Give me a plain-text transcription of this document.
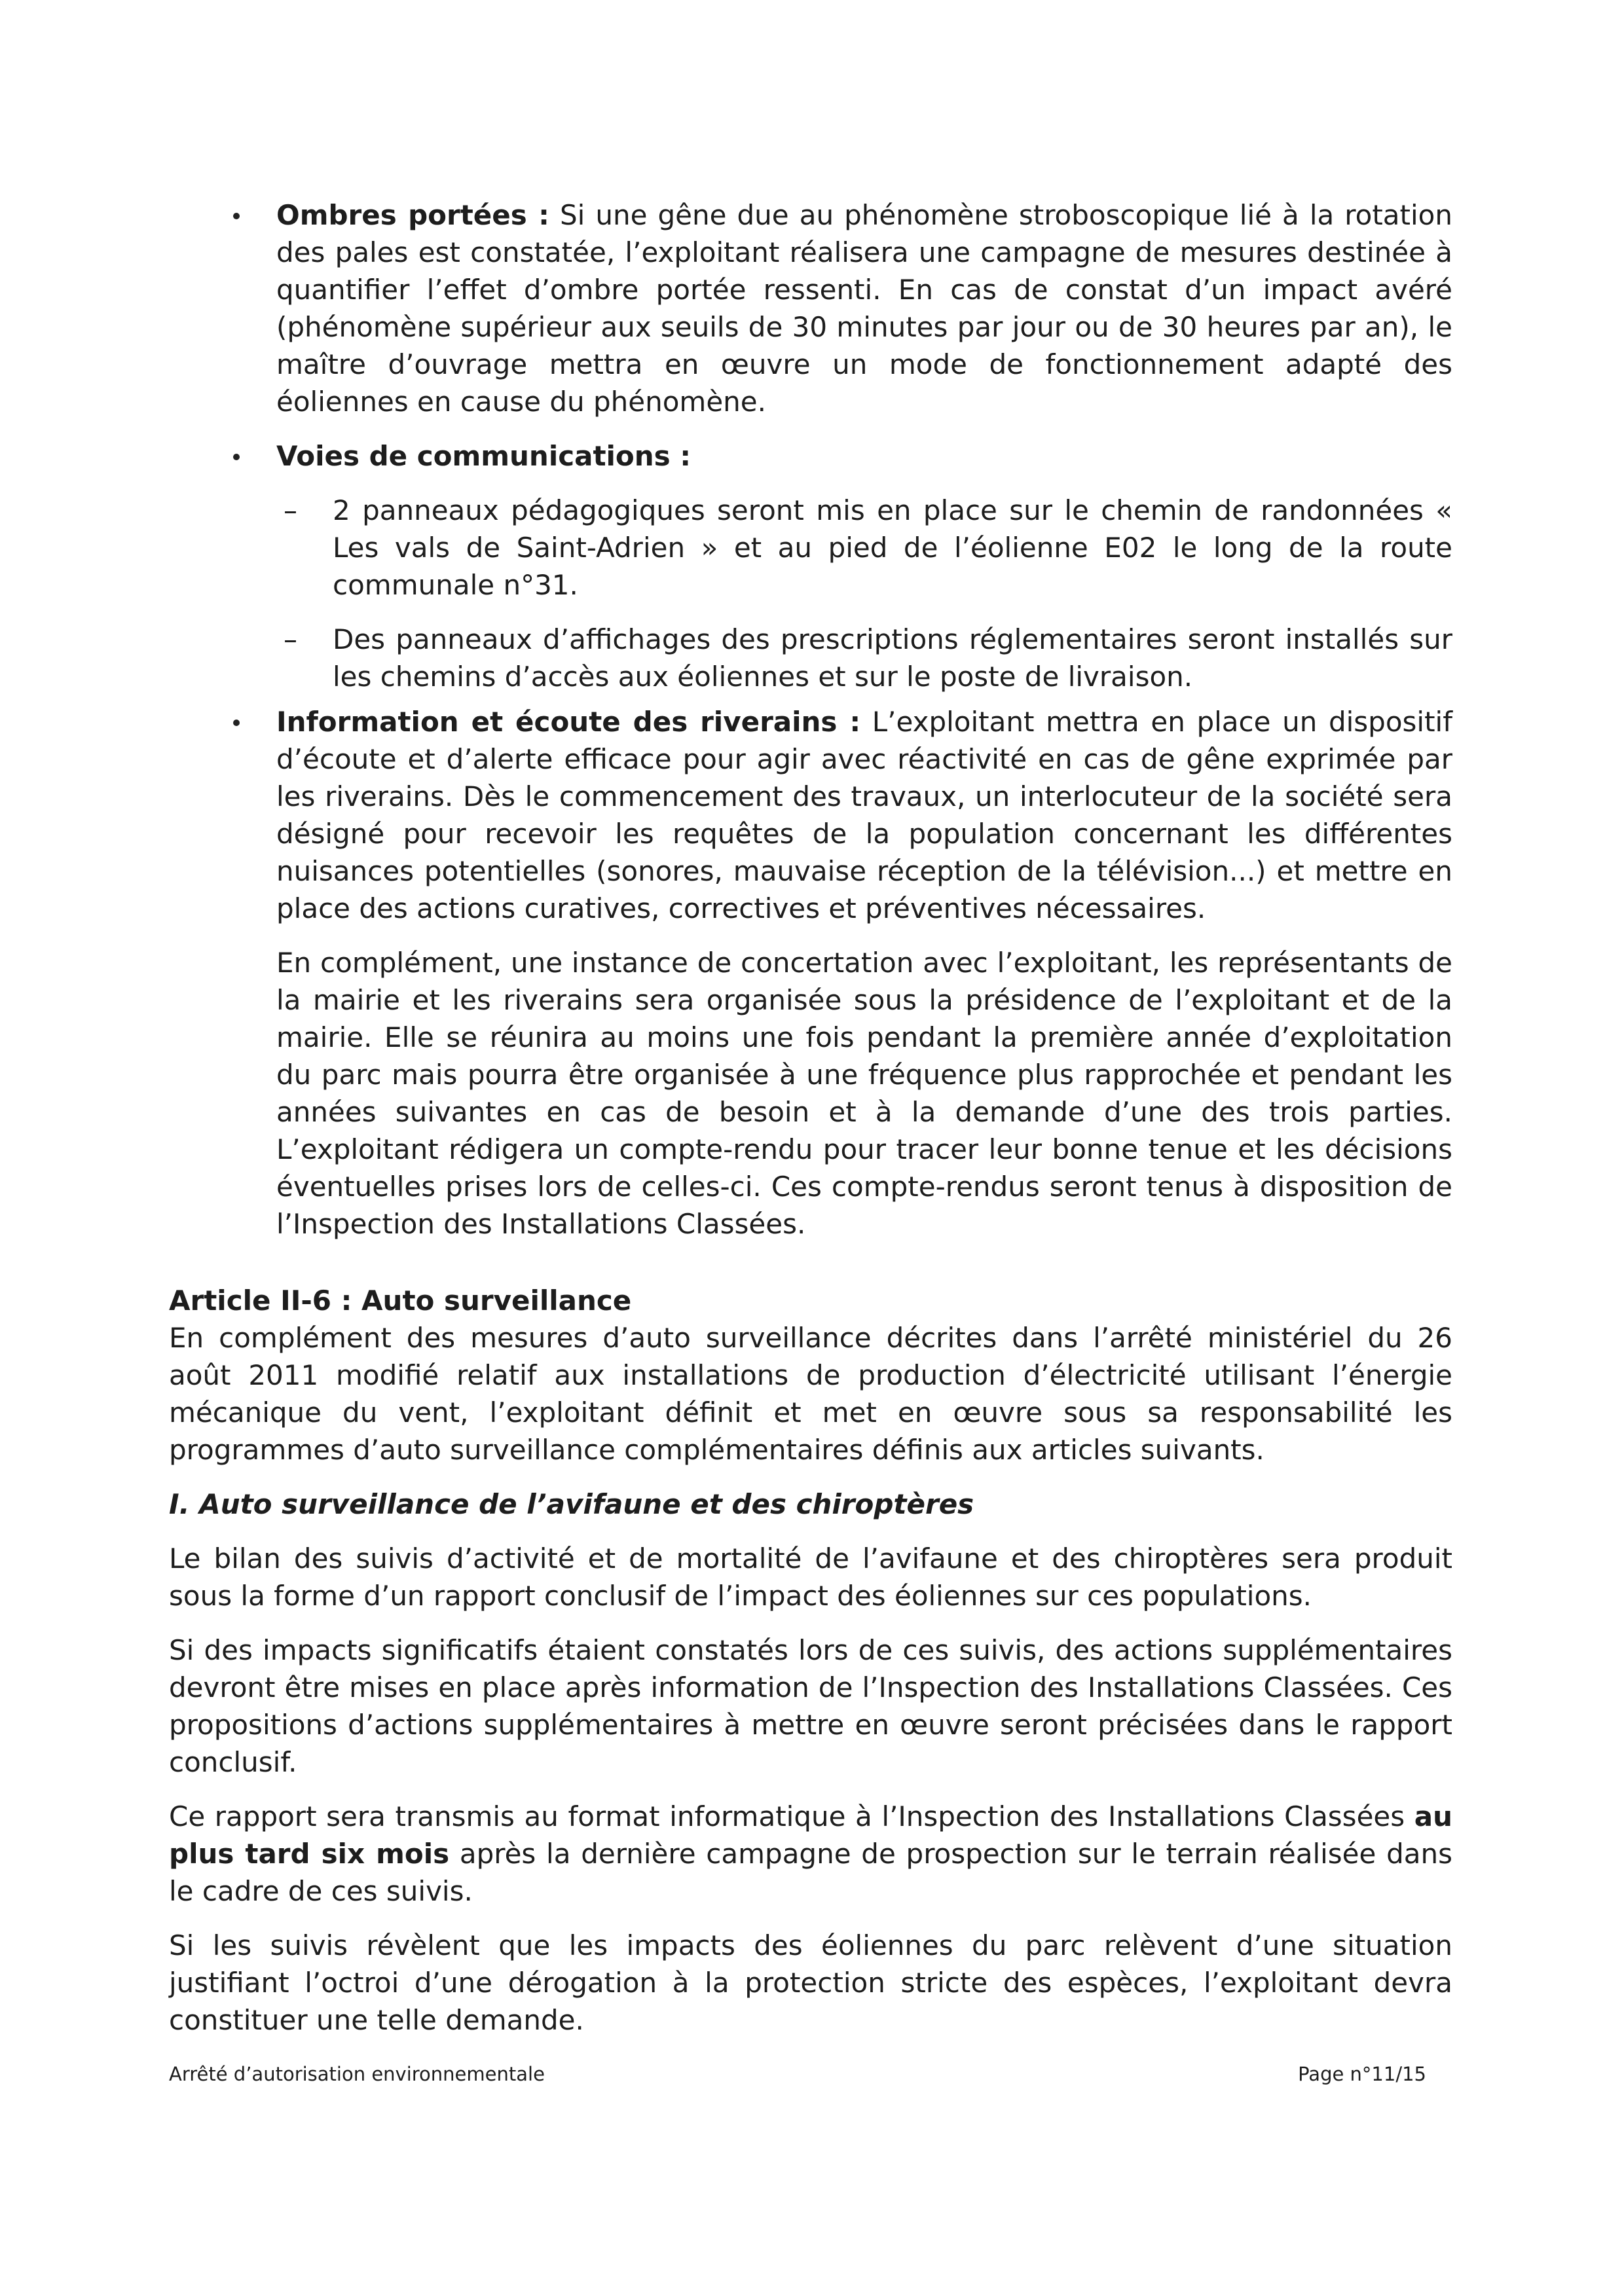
Ombres portées : Si une gêne due au phénomène stroboscopique lié à la rotation des pales est constatée, l’exploitant réalisera une campagne de mesures destinée à quantifier l’effet d’ombre portée ressenti. En cas de constat d’un impact avéré (phénomène supérieur aux seuils de 30 minutes par jour ou de 30 heures par an), le maître d’ouvrage mettra en œuvre un mode de fonctionnement adapté des éoliennes en cause du phénomène.

Voies de communications :

– 2 panneaux pédagogiques seront mis en place sur le chemin de randonnées « Les vals de Saint-Adrien » et au pied de l’éolienne E02 le long de la route communale n°31.

– Des panneaux d’affichages des prescriptions réglementaires seront installés sur les chemins d’accès aux éoliennes et sur le poste de livraison.

Information et écoute des riverains : L’exploitant mettra en place un dispositif d’écoute et d’alerte efficace pour agir avec réactivité en cas de gêne exprimée par les riverains. Dès le commencement des travaux, un interlocuteur de la société sera désigné pour recevoir les requêtes de la population concernant les différentes nuisances potentielles (sonores, mauvaise réception de la télévision...) et mettre en place des actions curatives, correctives et préventives nécessaires.

En complément, une instance de concertation avec l’exploitant, les représentants de la mairie et les riverains sera organisée sous la présidence de l’exploitant et de la mairie. Elle se réunira au moins une fois pendant la première année d’exploitation du parc mais pourra être organisée à une fréquence plus rapprochée et pendant les années suivantes en cas de besoin et à la demande d’une des trois parties. L’exploitant rédigera un compte-rendu pour tracer leur bonne tenue et les décisions éventuelles prises lors de celles-ci. Ces compte-rendus seront tenus à disposition de l’Inspection des Installations Classées.

Article II-6 : Auto surveillance

En complément des mesures d’auto surveillance décrites dans l’arrêté ministériel du 26 août 2011 modifié relatif aux installations de production d’électricité utilisant l’énergie mécanique du vent, l’exploitant définit et met en œuvre sous sa responsabilité les programmes d’auto surveillance complémentaires définis aux articles suivants.

I. Auto surveillance de l’avifaune et des chiroptères

Le bilan des suivis d’activité et de mortalité de l’avifaune et des chiroptères sera produit sous la forme d’un rapport conclusif de l’impact des éoliennes sur ces populations.

Si des impacts significatifs étaient constatés lors de ces suivis, des actions supplémentaires devront être mises en place après information de l’Inspection des Installations Classées. Ces propositions d’actions supplémentaires à mettre en œuvre seront précisées dans le rapport conclusif.

Ce rapport sera transmis au format informatique à l’Inspection des Installations Classées au plus tard six mois après la dernière campagne de prospection sur le terrain réalisée dans le cadre de ces suivis.

Si les suivis révèlent que les impacts des éoliennes du parc relèvent d’une situation justifiant l’octroi d’une dérogation à la protection stricte des espèces, l’exploitant devra constituer une telle demande.

Arrêté d’autorisation environnementale	Page n°11/15
